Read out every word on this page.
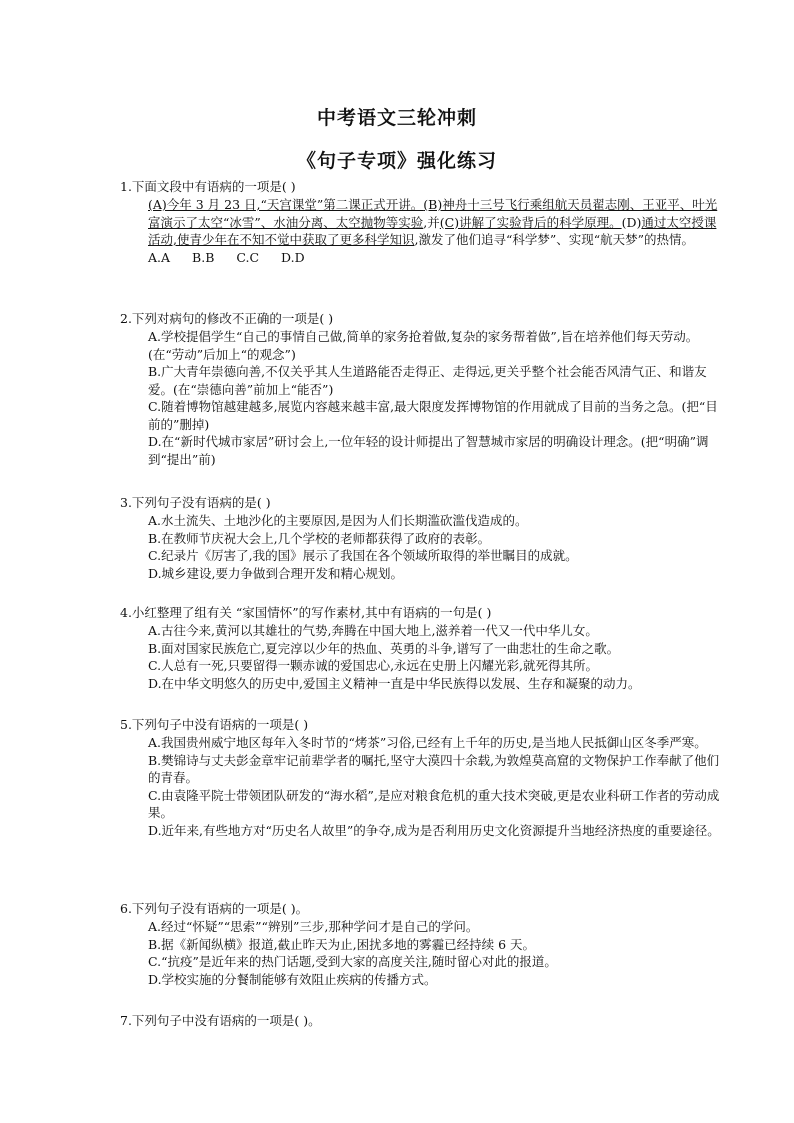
中考语文三轮冲刺
《句子专项》强化练习

1.下面文段中有语病的一项是( )

(A)今年 3 月 23 日,“天宫课堂”第二课正式开讲。(B)神舟十三号飞行乘组航天员翟志刚、王亚平、叶光富演示了太空“冰雪”、水油分离、太空抛物等实验,并(C)讲解了实验背后的科学原理。(D)通过太空授课活动,使青少年在不知不觉中获取了更多科学知识,激发了他们追寻“科学梦”、实现“航天梦”的热情。

A.A B.B C.C D.D

2.下列对病句的修改不正确的一项是( )

A.学校提倡学生“自己的事情自己做,简单的家务抢着做,复杂的家务帮着做”,旨在培养他们每天劳动。(在“劳动”后加上“的观念”)

B.广大青年崇德向善,不仅关乎其人生道路能否走得正、走得远,更关乎整个社会能否风清气正、和谐友爱。(在“崇德向善”前加上“能否”)

C.随着博物馆越建越多,展览内容越来越丰富,最大限度发挥博物馆的作用就成了目前的当务之急。(把“目前的”删掉)

D.在“新时代城市家居”研讨会上,一位年轻的设计师提出了智慧城市家居的明确设计理念。(把“明确”调到“提出”前)

3.下列句子没有语病的是( )

A.水土流失、土地沙化的主要原因,是因为人们长期滥砍滥伐造成的。

B.在教师节庆祝大会上,几个学校的老师都获得了政府的表彰。

C.纪录片《厉害了,我的国》展示了我国在各个领域所取得的举世瞩目的成就。

D.城乡建设,要力争做到合理开发和精心规划。

4.小红整理了组有关 “家国情怀”的写作素材,其中有语病的一句是( )

A.古往今来,黄河以其雄壮的气势,奔腾在中国大地上,滋养着一代又一代中华儿女。

B.面对国家民族危亡,夏完淳以少年的热血、英勇的斗争,谱写了一曲悲壮的生命之歌。

C.人总有一死,只要留得一颗赤诚的爱国忠心,永远在史册上闪耀光彩,就死得其所。

D.在中华文明悠久的历史中,爱国主义精神一直是中华民族得以发展、生存和凝聚的动力。

5.下列句子中没有语病的一项是( )

A.我国贵州威宁地区每年入冬时节的“烤茶”习俗,已经有上千年的历史,是当地人民抵御山区冬季严寒。

B.樊锦诗与丈夫彭金章牢记前辈学者的嘱托,坚守大漠四十余载,为敦煌莫高窟的文物保护工作奉献了他们的青春。

C.由袁隆平院士带领团队研发的“海水稻”,是应对粮食危机的重大技术突破,更是农业科研工作者的劳动成果。

D.近年来,有些地方对“历史名人故里”的争夺,成为是否利用历史文化资源提升当地经济热度的重要途径。

6.下列句子没有语病的一项是( )。

A.经过“怀疑”“思索”“辨别”三步,那种学问才是自己的学问。

B.据《新闻纵横》报道,截止昨天为止,困扰多地的雾霾已经持续 6 天。

C.“抗疫”是近年来的热门话题,受到大家的高度关注,随时留心对此的报道。

D.学校实施的分餐制能够有效阻止疾病的传播方式。

7.下列句子中没有语病的一项是( )。
